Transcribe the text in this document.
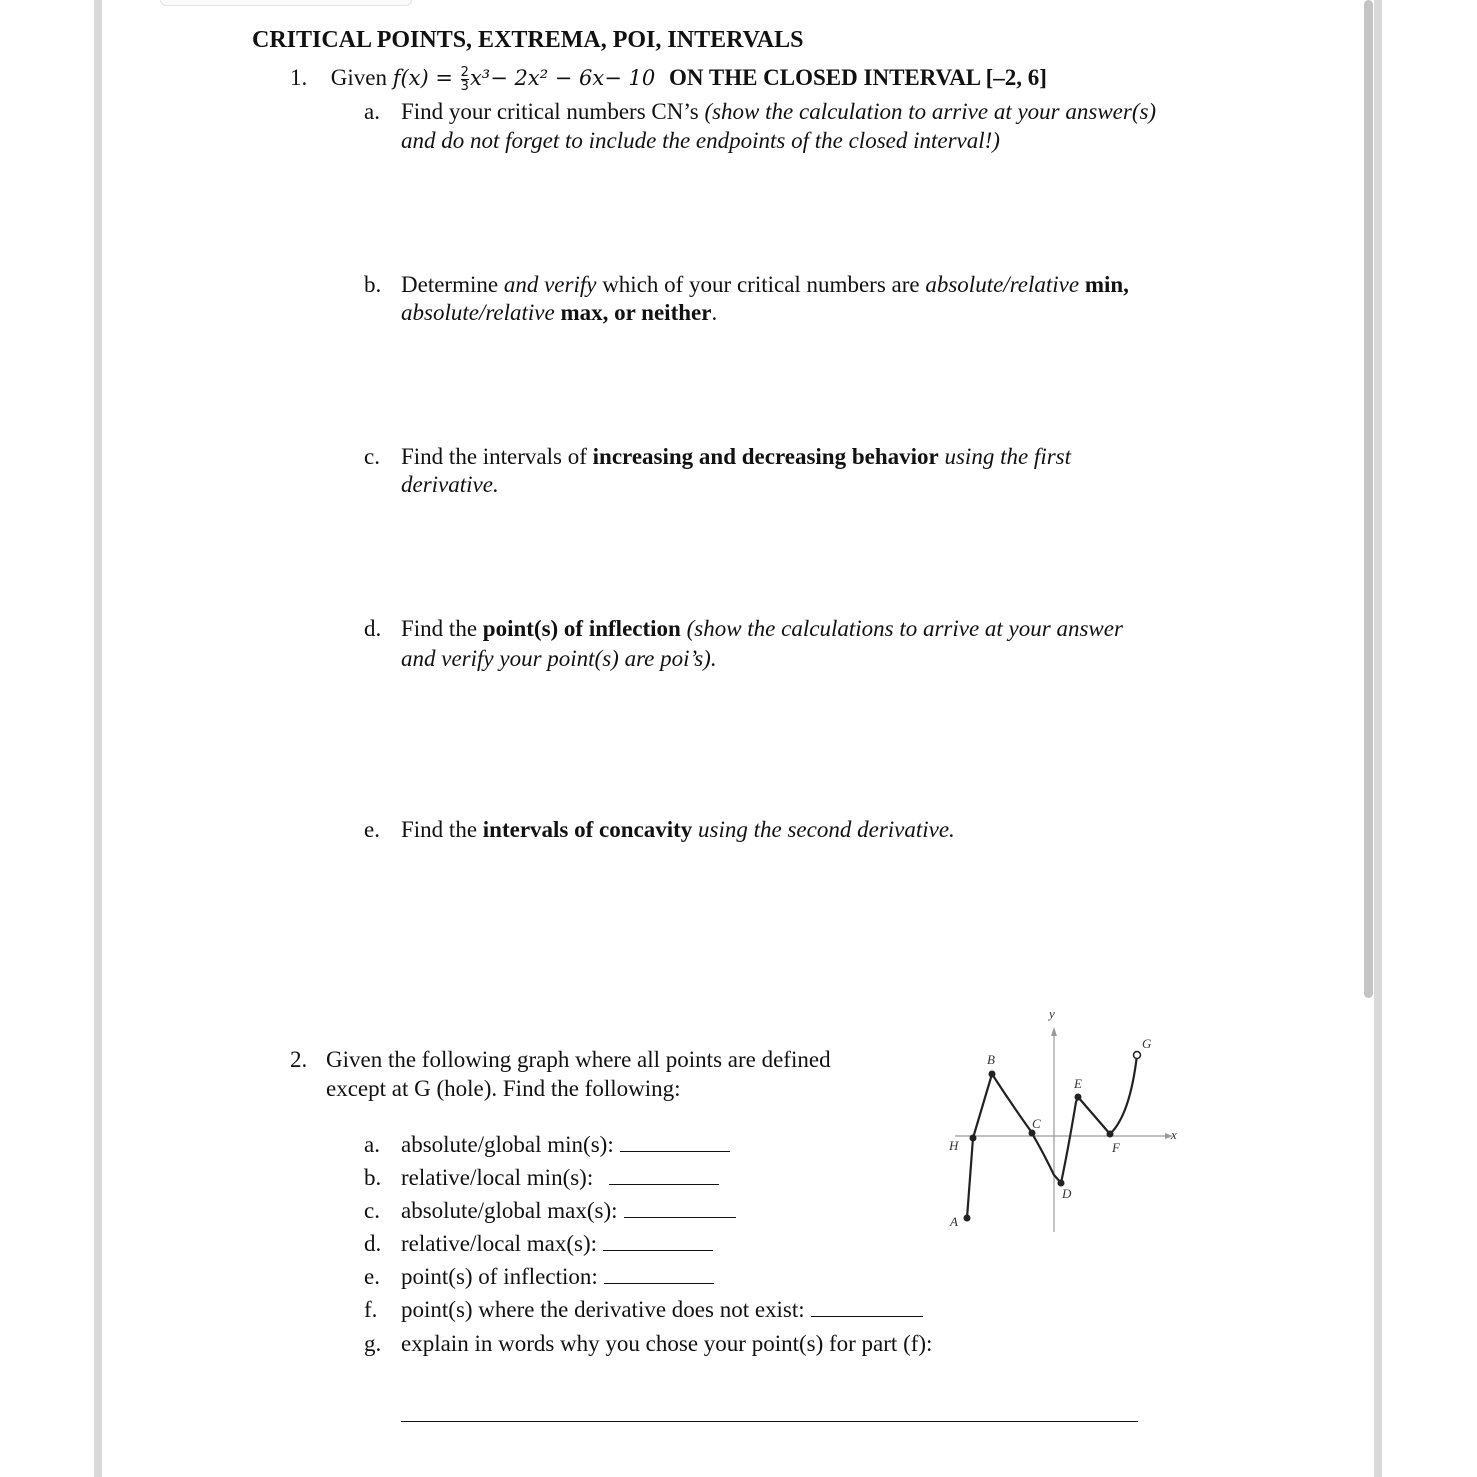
CRITICAL POINTS, EXTREMA, POI, INTERVALS
1. Given $f(x) = \frac{2}{3} x^3- 2x^2 - 6x- 10$ ON THE CLOSED INTERVAL [–2, 6]
a. Find your critical numbers CN’s (show the calculation to arrive at your answer(s)
and do not forget to include the endpoints of the closed interval!)
b. Determine and verify which of your critical numbers are absolute/relative min,
absolute/relative max, or neither.
c. Find the intervals of increasing and decreasing behavior using the first
derivative.
d. Find the point(s) of inflection (show the calculations to arrive at your answer
and verify your point(s) are poi’s).
e. Find the intervals of concavity using the second derivative.
2. Given the following graph where all points are defined
except at G (hole). Find the following:
a. absolute/global min(s):
b. relative/local min(s):
c. absolute/global max(s):
d. relative/local max(s):
e. point(s) of inflection:
f. point(s) where the derivative does not exist:
g. explain in words why you chose your point(s) for part (f):
x
y
A
B
C
D
E
F
G
H
